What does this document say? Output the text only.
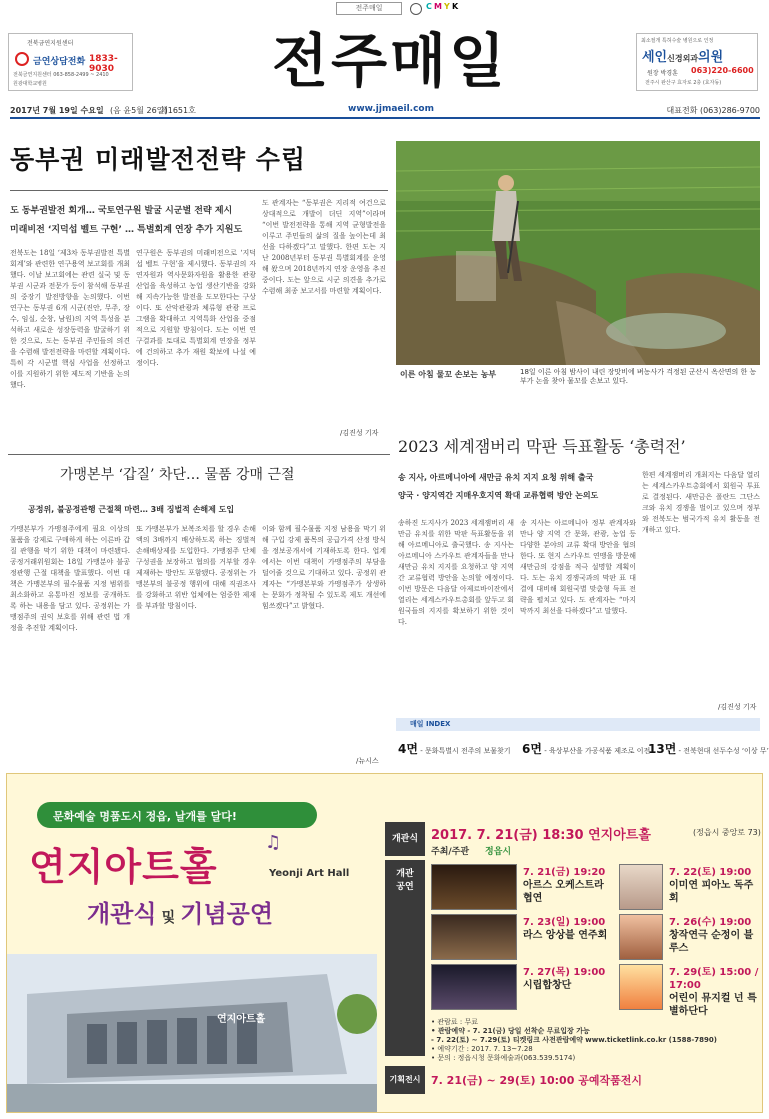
전주매일	C M Y K
전북금연지원센터
금연상담전화 1833-9030
전북금연지원센터 063-858-2499 ~ 2410
원광대학교병원	전주매일	최소절개 특허수술 병원으로 인정
세인신경외과의원
원장 박경훈 063)220-6600
전주시 완산구 효자로 2층 (효자동)
2017년 7월 19일 수요일 (음 윤5월 26일)
제1651호	www.jjmaeil.com	대표전화 (063)286-9700
동부권 미래발전전략 수립
도 동부권발전 회개… 국토연구원 발굴 시군별 전략 제시
미래비전 ‘지덕섭 벨트 구현’ … 특별회계 연장 추가 지원도
전북도는 18일 ‘제3차 동부권발전 특별회계’와 관련한 연구용역 보고회를 개최했다. 이날 보고회에는 관련 실국 및 동부권 시군과 전문가 등이 참석해 동부권의 중장기 발전방향을 논의했다. 이번 연구는 동부권 6개 시군(진안, 무주, 장수, 임실, 순창, 남원)의 지역 특성을 분석하고 새로운 성장동력을 발굴하기 위한 것으로, 도는 동부권 주민들의 의견을 수렴해 발전전략을 마련할 계획이다. 특히 각 시군별 핵심 사업을 선정하고 이를 지원하기 위한 제도적 기반을 논의했다.
연구원은 동부권의 미래비전으로 ‘지덕섭 벨트 구현’을 제시했다. 동부권의 자연자원과 역사문화자원을 활용한 관광 산업을 육성하고 농업 생산기반을 강화해 지속가능한 발전을 도모한다는 구상이다. 또 산악관광과 체류형 관광 프로그램을 확대하고 지역특화 산업을 중점적으로 지원할 방침이다. 도는 이번 연구결과를 토대로 특별회계 연장을 정부에 건의하고 추가 재원 확보에 나설 예정이다.
도 관계자는 “동부권은 지리적 여건으로 상대적으로 개발이 더딘 지역”이라며 “이번 발전전략을 통해 지역 균형발전을 이루고 주민들의 삶의 질을 높이는데 최선을 다하겠다”고 말했다. 한편 도는 지난 2008년부터 동부권 특별회계를 운영해 왔으며 2018년까지 연장 운영을 추진 중이다. 도는 앞으로 시군 의견을 추가로 수렴해 최종 보고서를 마련할 계획이다.
/김진성 기자
이른 아침 물꼬 손보는 농부	18일 이른 아침 밤사이 내린 장맛비에 벼농사가 걱정된 군산시 옥산면의 한 농부가 논을 찾아 물꼬를 손보고 있다.
가맹본부 ‘갑질’ 차단… 물품 강매 근절
공정위, 불공정관행 근절책 마련… 3배 징벌적 손해제 도입
가맹본부가 가맹점주에게 필요 이상의 물품을 강제로 구매하게 하는 이른바 갑질 관행을 막기 위한 대책이 마련됐다. 공정거래위원회는 18일 가맹분야 불공정관행 근절 대책을 발표했다. 이번 대책은 가맹본부의 필수물품 지정 범위를 최소화하고 유통마진 정보를 공개하도록 하는 내용을 담고 있다. 공정위는 가맹점주의 권익 보호를 위해 관련 법 개정을 추진할 계획이다.
또 가맹본부가 보복조치를 할 경우 손해액의 3배까지 배상하도록 하는 징벌적 손해배상제를 도입한다. 가맹점주 단체 구성권을 보장하고 협의를 거부할 경우 제재하는 방안도 포함됐다. 공정위는 가맹본부의 불공정 행위에 대해 직권조사를 강화하고 위반 업체에는 엄중한 제재를 부과할 방침이다.
이와 함께 필수물품 지정 남용을 막기 위해 구입 강제 품목의 공급가격 산정 방식을 정보공개서에 기재하도록 한다. 업계에서는 이번 대책이 가맹점주의 부담을 덜어줄 것으로 기대하고 있다. 공정위 관계자는 “가맹본부와 가맹점주가 상생하는 문화가 정착될 수 있도록 제도 개선에 힘쓰겠다”고 밝혔다.
/뉴시스
2023 세계잼버리 막판 득표활동 ‘총력전’
송 지사, 아르메니아에 새만금 유치 지지 요청 위해 출국
양국 · 양지역간 지매우호지역 확대 교류협력 방안 논의도
송하진 도지사가 2023 세계잼버리 새만금 유치를 위한 막판 득표활동을 위해 아르메니아로 출국했다. 송 지사는 아르메니아 스카우트 관계자들을 만나 새만금 유치 지지를 요청하고 양 지역 간 교류협력 방안을 논의할 예정이다. 이번 방문은 다음달 아제르바이잔에서 열리는 세계스카우트총회를 앞두고 회원국들의 지지를 확보하기 위한 것이다.
송 지사는 아르메니아 정부 관계자와 만나 양 지역 간 문화, 관광, 농업 등 다양한 분야의 교류 확대 방안을 협의한다. 또 현지 스카우트 연맹을 방문해 새만금의 강점을 적극 설명할 계획이다. 도는 유치 경쟁국과의 막판 표 대결에 대비해 회원국별 맞춤형 득표 전략을 펼치고 있다. 도 관계자는 “마지막까지 최선을 다하겠다”고 말했다.
한편 세계잼버리 개최지는 다음달 열리는 세계스카우트총회에서 회원국 투표로 결정된다. 새만금은 폴란드 그단스크와 유치 경쟁을 벌이고 있으며 정부와 전북도는 범국가적 유치 활동을 전개하고 있다.
/김진성 기자
매일 INDEX
4면 - 문화특별시 전주의 보물찾기 6면 - 육상부산을 가공식품 제조로 이전
13면 - 전북현대 선두수성 ‘이상 무’
문화예술 명품도시 정읍, 날개를 달다!
연지아트홀
♫
Yeonji Art Hall
개관식 및 기념공연
연지아트홀
개관식 2017. 7. 21(금) 18:30 연지아트홀	(정읍시 중앙로 73)
주최/주관 정읍시
개관
공연
7. 21(금) 19:20
아르스 오케스트라 협연
7. 22(토) 19:00
이미연 피아노 독주회
7. 23(일) 19:00
라스 앙상블 연주회
7. 26(수) 19:00
창작연극 순정이 블루스
7. 27(목) 19:00
시립합창단
7. 29(토) 15:00 / 17:00
어린이 뮤지컬 넌 특별하단다
• 관람료 : 무료
• 관람예약 - 7. 21(금) 당일 선착순 무료입장 가능
- 7. 22(토) ~ 7.29(토) 티켓링크 사전관람예약 www.ticketlink.co.kr (1588-7890)
• 예약기간 : 2017. 7. 13~7.28
• 문의 : 정읍시청 문화예술과(063.539.5174)
기획전시 7. 21(금) ~ 29(토) 10:00 공예작품전시
